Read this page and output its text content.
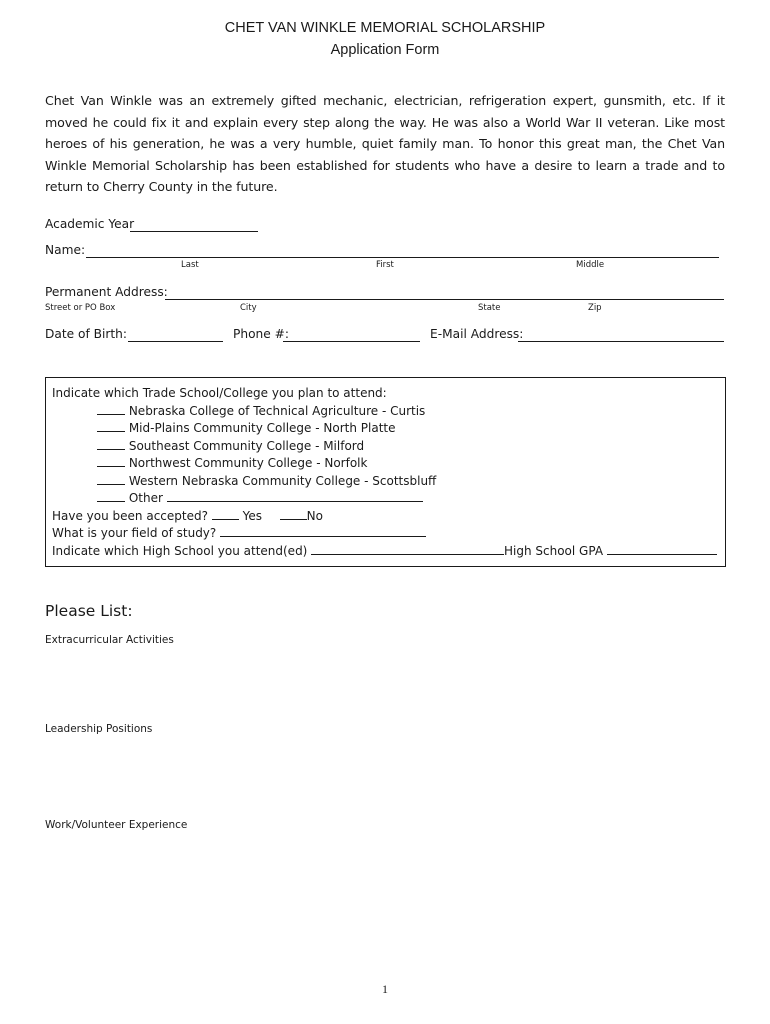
CHET VAN WINKLE MEMORIAL SCHOLARSHIP
Application Form
Chet Van Winkle was an extremely gifted mechanic, electrician, refrigeration expert, gunsmith, etc. If it moved he could fix it and explain every step along the way. He was also a World War II veteran. Like most heroes of his generation, he was a very humble, quiet family man. To honor this great man, the Chet Van Winkle Memorial Scholarship has been established for students who have a desire to learn a trade and to return to Cherry County in the future.
Academic Year
Name:
Last	First	Middle
Permanent Address:
Street or PO Box	City	State	Zip
Date of Birth:	Phone #:	E-Mail Address:
Indicate which Trade School/College you plan to attend:
Nebraska College of Technical Agriculture - Curtis
Mid-Plains Community College - North Platte
Southeast Community College - Milford
Northwest Community College - Norfolk
Western Nebraska Community College - Scottsbluff
Other
Have you been accepted?	Yes	No
What is your field of study?
Indicate which High School you attend(ed)	High School GPA
Please List:
Extracurricular Activities
Leadership Positions
Work/Volunteer Experience
1
